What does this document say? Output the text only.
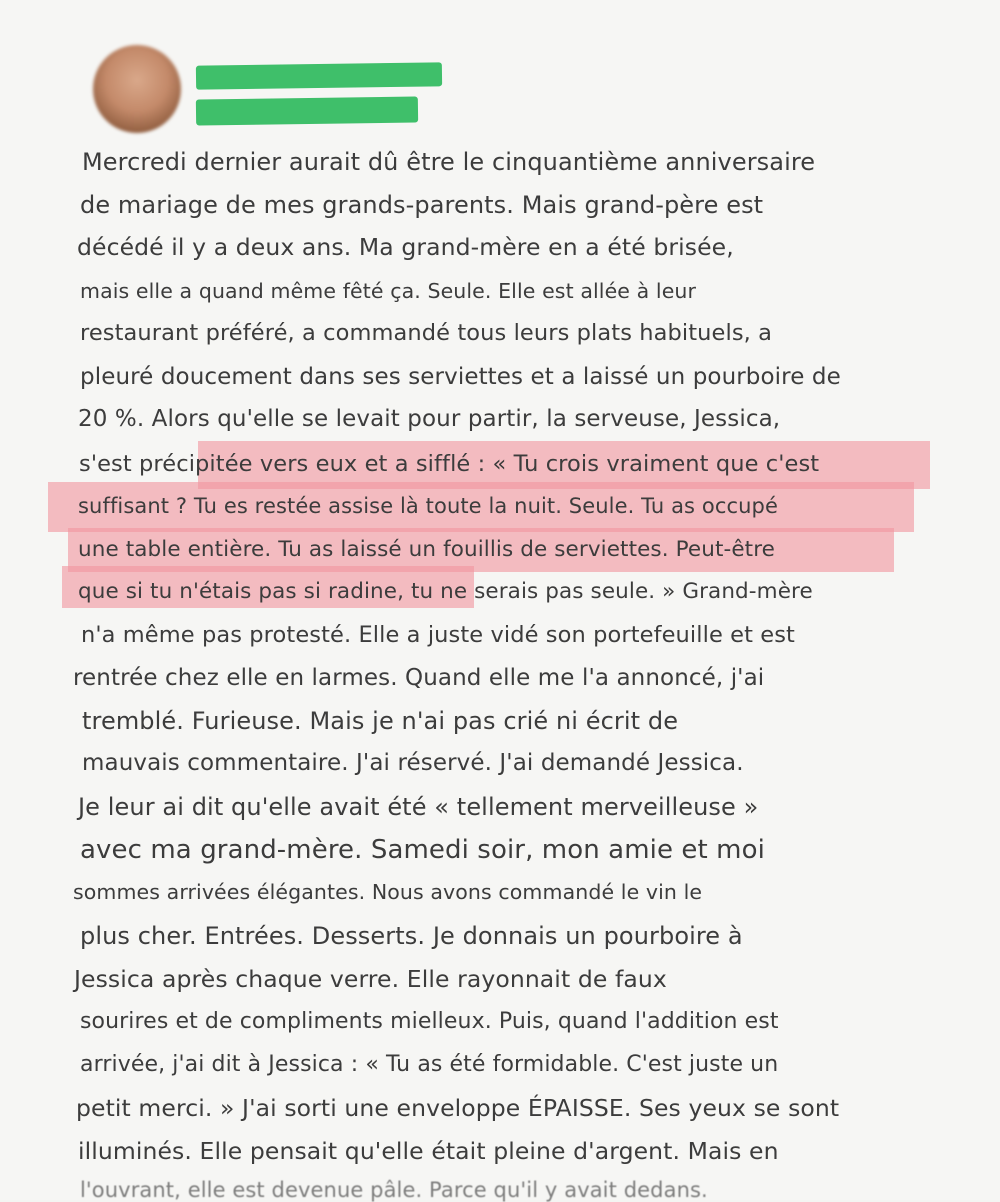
Mercredi dernier aurait dû être le cinquantième anniversaire
de mariage de mes grands-parents. Mais grand-père est
décédé il y a deux ans. Ma grand-mère en a été brisée,
mais elle a quand même fêté ça. Seule. Elle est allée à leur
restaurant préféré, a commandé tous leurs plats habituels, a
pleuré doucement dans ses serviettes et a laissé un pourboire de
20 %. Alors qu'elle se levait pour partir, la serveuse, Jessica,
s'est précipitée vers eux et a sifflé : « Tu crois vraiment que c'est
suffisant ? Tu es restée assise là toute la nuit. Seule. Tu as occupé
une table entière. Tu as laissé un fouillis de serviettes. Peut-être
que si tu n'étais pas si radine, tu ne serais pas seule. » Grand-mère
n'a même pas protesté. Elle a juste vidé son portefeuille et est
rentrée chez elle en larmes. Quand elle me l'a annoncé, j'ai
tremblé. Furieuse. Mais je n'ai pas crié ni écrit de
mauvais commentaire. J'ai réservé. J'ai demandé Jessica.
Je leur ai dit qu'elle avait été « tellement merveilleuse »
avec ma grand-mère. Samedi soir, mon amie et moi
sommes arrivées élégantes. Nous avons commandé le vin le
plus cher. Entrées. Desserts. Je donnais un pourboire à
Jessica après chaque verre. Elle rayonnait de faux
sourires et de compliments mielleux. Puis, quand l'addition est
arrivée, j'ai dit à Jessica : « Tu as été formidable. C'est juste un
petit merci. » J'ai sorti une enveloppe ÉPAISSE. Ses yeux se sont
illuminés. Elle pensait qu'elle était pleine d'argent. Mais en
l'ouvrant, elle est devenue pâle. Parce qu'il y avait dedans.
